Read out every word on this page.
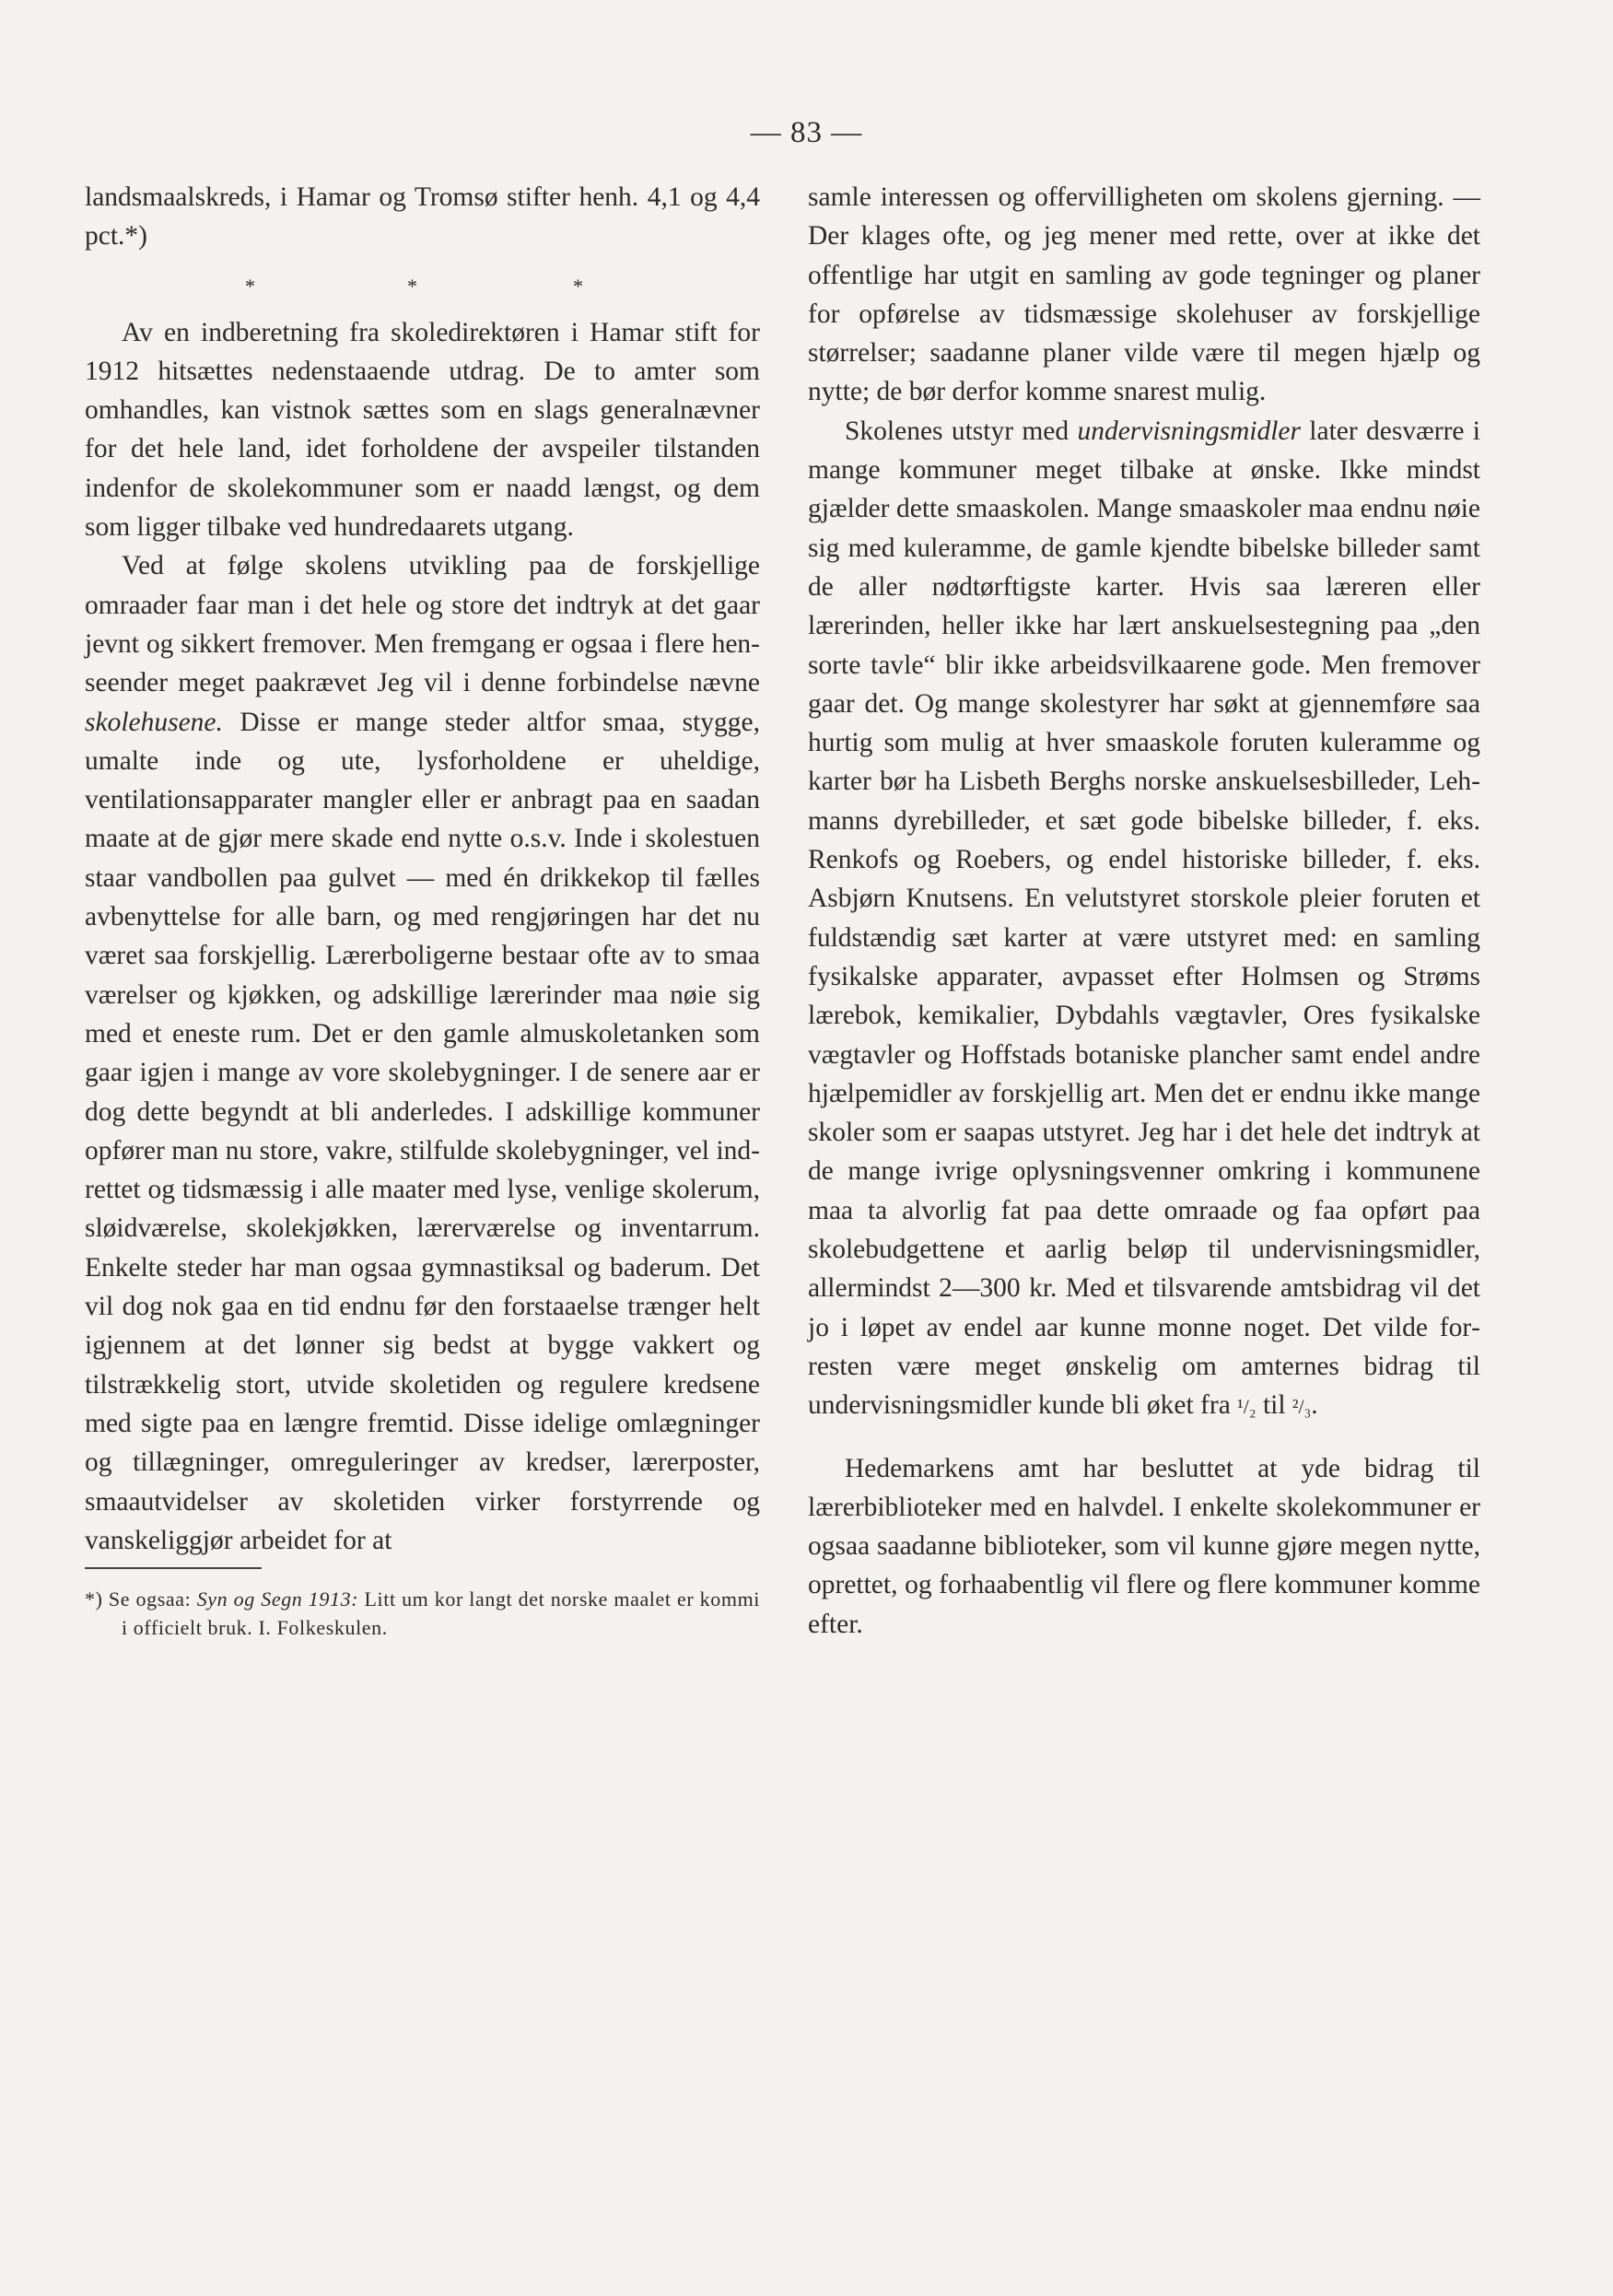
— 83 —

landsmaalskreds, i Hamar og Tromsø stifter henh. 4,1 og 4,4 pct.*)

*	*	*

Av en indberetning fra skoledirektøren i Hamar stift for 1912 hitsættes nedenstaaende utdrag. De to amter som omhandles, kan vistnok sættes som en slags generalnævner for det hele land, idet forholdene der avspeiler tilstanden indenfor de skolekommuner som er naadd længst, og dem som ligger tilbake ved hundredaarets utgang.

Ved at følge skolens utvikling paa de forskjellige omraader faar man i det hele og store det indtryk at det gaar jevnt og sikkert fremover. Men fremgang er ogsaa i flere henseender meget paakrævet Jeg vil i denne forbindelse nævne skolehusene. Disse er mange steder altfor smaa, stygge, umalte inde og ute, lysforholdene er uheldige, ventilationsapparater mangler eller er anbragt paa en saadan maate at de gjør mere skade end nytte o.s.v. Inde i skolestuen staar vandbollen paa gulvet — med én drikkekop til fælles avbenyttelse for alle barn, og med rengjøringen har det nu været saa forskjellig. Lærerboligerne bestaar ofte av to smaa værelser og kjøkken, og adskillige lærerinder maa nøie sig med et eneste rum. Det er den gamle almuskoletanken som gaar igjen i mange av vore skolebygninger. I de senere aar er dog dette begyndt at bli anderledes. I adskillige kommuner opfører man nu store, vakre, stilfulde skolebygninger, vel indrettet og tidsmæssig i alle maater med lyse, venlige skolerum, sløidværelse, skolekjøkken, lærerværelse og inventarrum. Enkelte steder har man ogsaa gymnastiksal og baderum. Det vil dog nok gaa en tid endnu før den forstaaelse trænger helt igjennem at det lønner sig bedst at bygge vakkert og tilstrækkelig stort, utvide skoletiden og regulere kredsene med sigte paa en længre fremtid. Disse idelige omlægninger og tillægninger, omreguleringer av kredser, lærerposter, smaautvidelser av skoletiden virker forstyrrende og vanskeliggjør arbeidet for at

*) Se ogsaa: Syn og Segn 1913: Litt um kor langt det norske maalet er kommi i officielt bruk. I. Folkeskulen.

samle interessen og offervilligheten om skolens gjerning. — Der klages ofte, og jeg mener med rette, over at ikke det offentlige har utgit en samling av gode tegninger og planer for opførelse av tidsmæssige skolehuser av forskjellige størrelser; saadanne planer vilde være til megen hjælp og nytte; de bør derfor komme snarest mulig.

Skolenes utstyr med undervisningsmidler later desværre i mange kommuner meget tilbake at ønske. Ikke mindst gjælder dette smaaskolen. Mange smaaskoler maa endnu nøie sig med kuleramme, de gamle kjendte bibelske billeder samt de aller nødtørftigste karter. Hvis saa læreren eller lærerinden, heller ikke har lært anskuelsestegning paa „den sorte tavle“ blir ikke arbeidsvilkaarene gode. Men fremover gaar det. Og mange skolestyrer har søkt at gjennemføre saa hurtig som mulig at hver smaaskole foruten kuleramme og karter bør ha Lisbeth Berghs norske anskuelsesbilleder, Lehmanns dyrebilleder, et sæt gode bibelske billeder, f. eks. Renkofs og Roebers, og endel historiske billeder, f. eks. Asbjørn Knutsens. En velutstyret storskole pleier foruten et fuldstændig sæt karter at være utstyret med: en samling fysikalske apparater, avpasset efter Holmsen og Strøms lærebok, kemikalier, Dybdahls vægtavler, Ores fysikalske vægtavler og Hoffstads botaniske plancher samt endel andre hjælpemidler av forskjellig art. Men det er endnu ikke mange skoler som er saapas utstyret. Jeg har i det hele det indtryk at de mange ivrige oplysningsvenner omkring i kommunene maa ta alvorlig fat paa dette omraade og faa opført paa skolebudgettene et aarlig beløp til undervisningsmidler, allermindst 2—300 kr. Med et tilsvarende amtsbidrag vil det jo i løpet av endel aar kunne monne noget. Det vilde forresten være meget ønskelig om amternes bidrag til undervisningsmidler kunde bli øket fra ¹/₂ til ²/₃.

Hedemarkens amt har besluttet at yde bidrag til lærerbiblioteker med en halvdel. I enkelte skolekommuner er ogsaa saadanne biblioteker, som vil kunne gjøre megen nytte, oprettet, og forhaabentlig vil flere og flere kommuner komme efter.
